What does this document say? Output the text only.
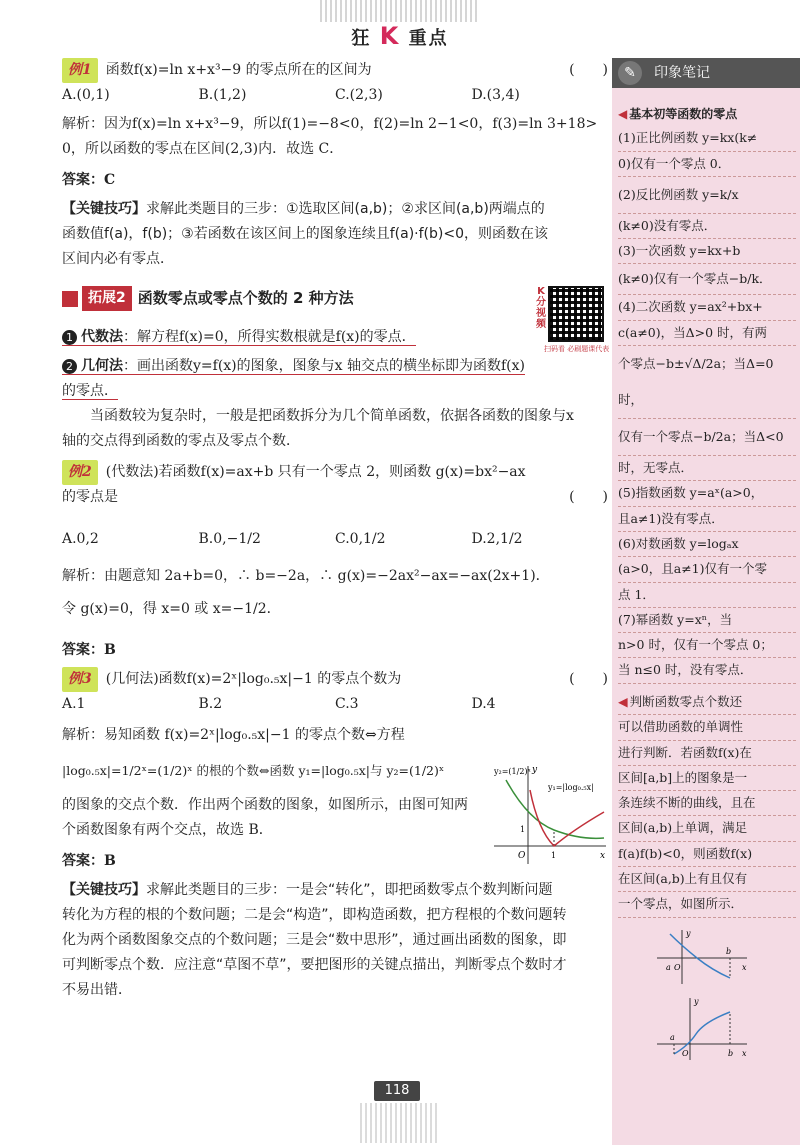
狂 K 重点

例1 函数f(x)=ln x+x³−9 的零点所在的区间为	(　　)

A.(0,1)	B.(1,2)	C.(2,3)	D.(3,4)

解析：因为f(x)=ln x+x³−9，所以f(1)=−8<0，f(2)=ln 2−1<0，f(3)=ln 3+18>

0，所以函数的零点在区间(2,3)内．故选 C．

答案：C

【关键技巧】求解此类题目的三步：①选取区间(a,b)；②求区间(a,b)两端点的

函数值f(a)，f(b)；③若函数在该区间上的图象连续且f(a)·f(b)<0，则函数在该

区间内必有零点．

拓展2 函数零点或零点个数的 2 种方法

1 代数法：解方程f(x)=0，所得实数根就是f(x)的零点．

2 几何法：画出函数y=f(x)的图象，图象与x 轴交点的横坐标即为函数f(x)

的零点．

当函数较为复杂时，一般是把函数拆分为几个简单函数，依据各函数的图象与x

轴的交点得到函数的零点及零点个数．

例2 (代数法)若函数f(x)=ax+b 只有一个零点 2，则函数 g(x)=bx²−ax

的零点是	(　　)

A.0,2	B.0,−1/2	C.0,1/2	D.2,1/2

解析：由题意知 2a+b=0，∴ b=−2a，∴ g(x)=−2ax²−ax=−ax(2x+1)．

令 g(x)=0，得 x=0 或 x=−1/2．

答案：B

例3 (几何法)函数f(x)=2ˣ|log₀.₅x|−1 的零点个数为	(　　)

A.1	B.2	C.3	D.4

解析：易知函数 f(x)=2ˣ|log₀.₅x|−1 的零点个数⇔方程

|log₀.₅x|=1/2ˣ=(1/2)ˣ 的根的个数⇔函数 y₁=|log₀.₅x|与 y₂=(1/2)ˣ

的图象的交点个数．作出两个函数的图象，如图所示，由图可知两

个函数图象有两个交点，故选 B．

答案：B

【关键技巧】求解此类题目的三步：一是会“转化”，即把函数零点个数判断问题

转化为方程的根的个数问题；二是会“构造”，即构造函数，把方程根的个数问题转

化为两个函数图象交点的个数问题；三是会“数中思形”，通过画出函数的图象，即

可判断零点个数．应注意“草图不草”，要把图形的关键点描出，判断零点个数时才

不易出错．

y₂=(1/2)ˣ
y₁=|log₀.₅x|
y
x
O	1
1
K分视频
扫码看 必刷题课代表
✎	印象笔记

◀ 基本初等函数的零点

(1)正比例函数 y=kx(k≠

0)仅有一个零点 0．

(2)反比例函数 y=k/x

(k≠0)没有零点．

(3)一次函数 y=kx+b

(k≠0)仅有一个零点−b/k．

(4)二次函数 y=ax²+bx+

c(a≠0)，当Δ>0 时，有两

个零点−b±√Δ/2a；当Δ=0 时，

仅有一个零点−b/2a；当Δ<0

时，无零点．

(5)指数函数 y=aˣ(a>0，

且a≠1)没有零点．

(6)对数函数 y=logₐx

(a>0，且a≠1)仅有一个零

点 1．

(7)幂函数 y=xⁿ，当

n>0 时，仅有一个零点 0；

当 n≤0 时，没有零点．

◀ 判断函数零点个数还

可以借助函数的单调性

进行判断．若函数f(x)在

区间[a,b]上的图象是一

条连续不断的曲线，且在

区间(a,b)上单调，满足

f(a)f(b)<0，则函数f(x)

在区间(a,b)上有且仅有

一个零点，如图所示．

y
a O
b
x
y
a
O	b x
118
